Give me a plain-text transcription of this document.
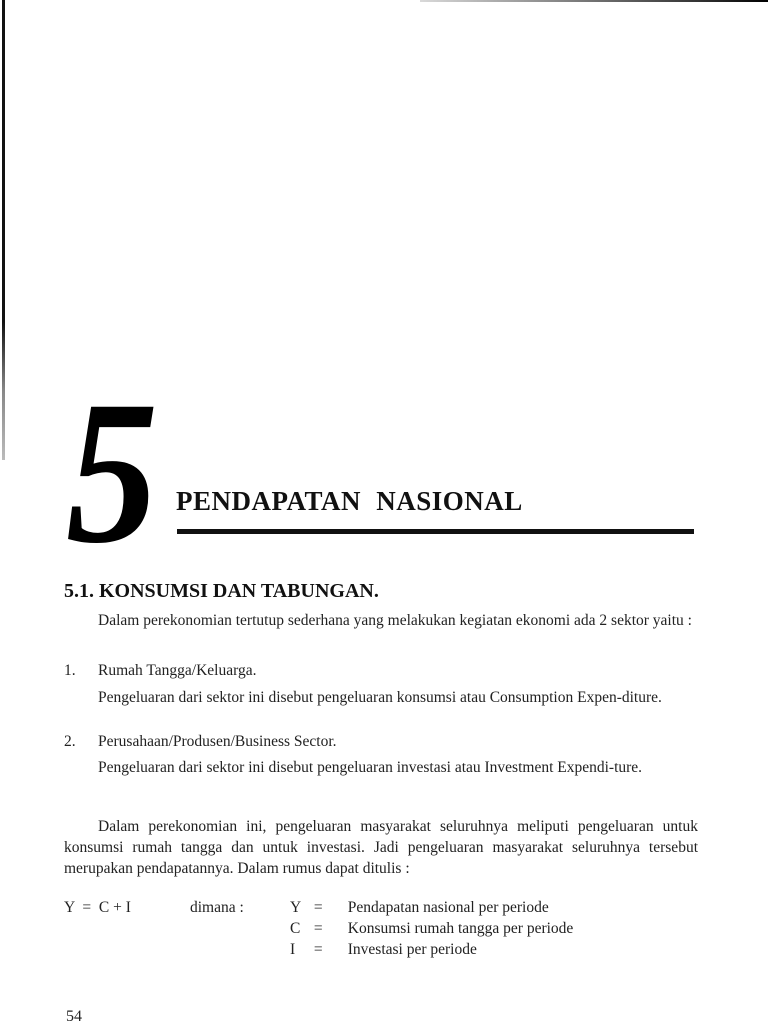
5 PENDAPATAN NASIONAL
5.1. KONSUMSI DAN TABUNGAN.
Dalam perekonomian tertutup sederhana yang melakukan kegiatan ekonomi ada 2 sektor yaitu :
1. Rumah Tangga/Keluarga.
Pengeluaran dari sektor ini disebut pengeluaran konsumsi atau Consumption Expen-diture.
2. Perusahaan/Produsen/Business Sector.
Pengeluaran dari sektor ini disebut pengeluaran investasi atau Investment Expendi-ture.
Dalam perekonomian ini, pengeluaran masyarakat seluruhnya meliputi pengeluaran untuk konsumsi rumah tangga dan untuk investasi. Jadi pengeluaran masyarakat seluruhnya tersebut merupakan pendapatannya. Dalam rumus dapat ditulis :
Y  =  C + I	dimana :	Y = Pendapatan nasional per periode
C = Konsumsi rumah tangga per periode
I = Investasi per periode
54
